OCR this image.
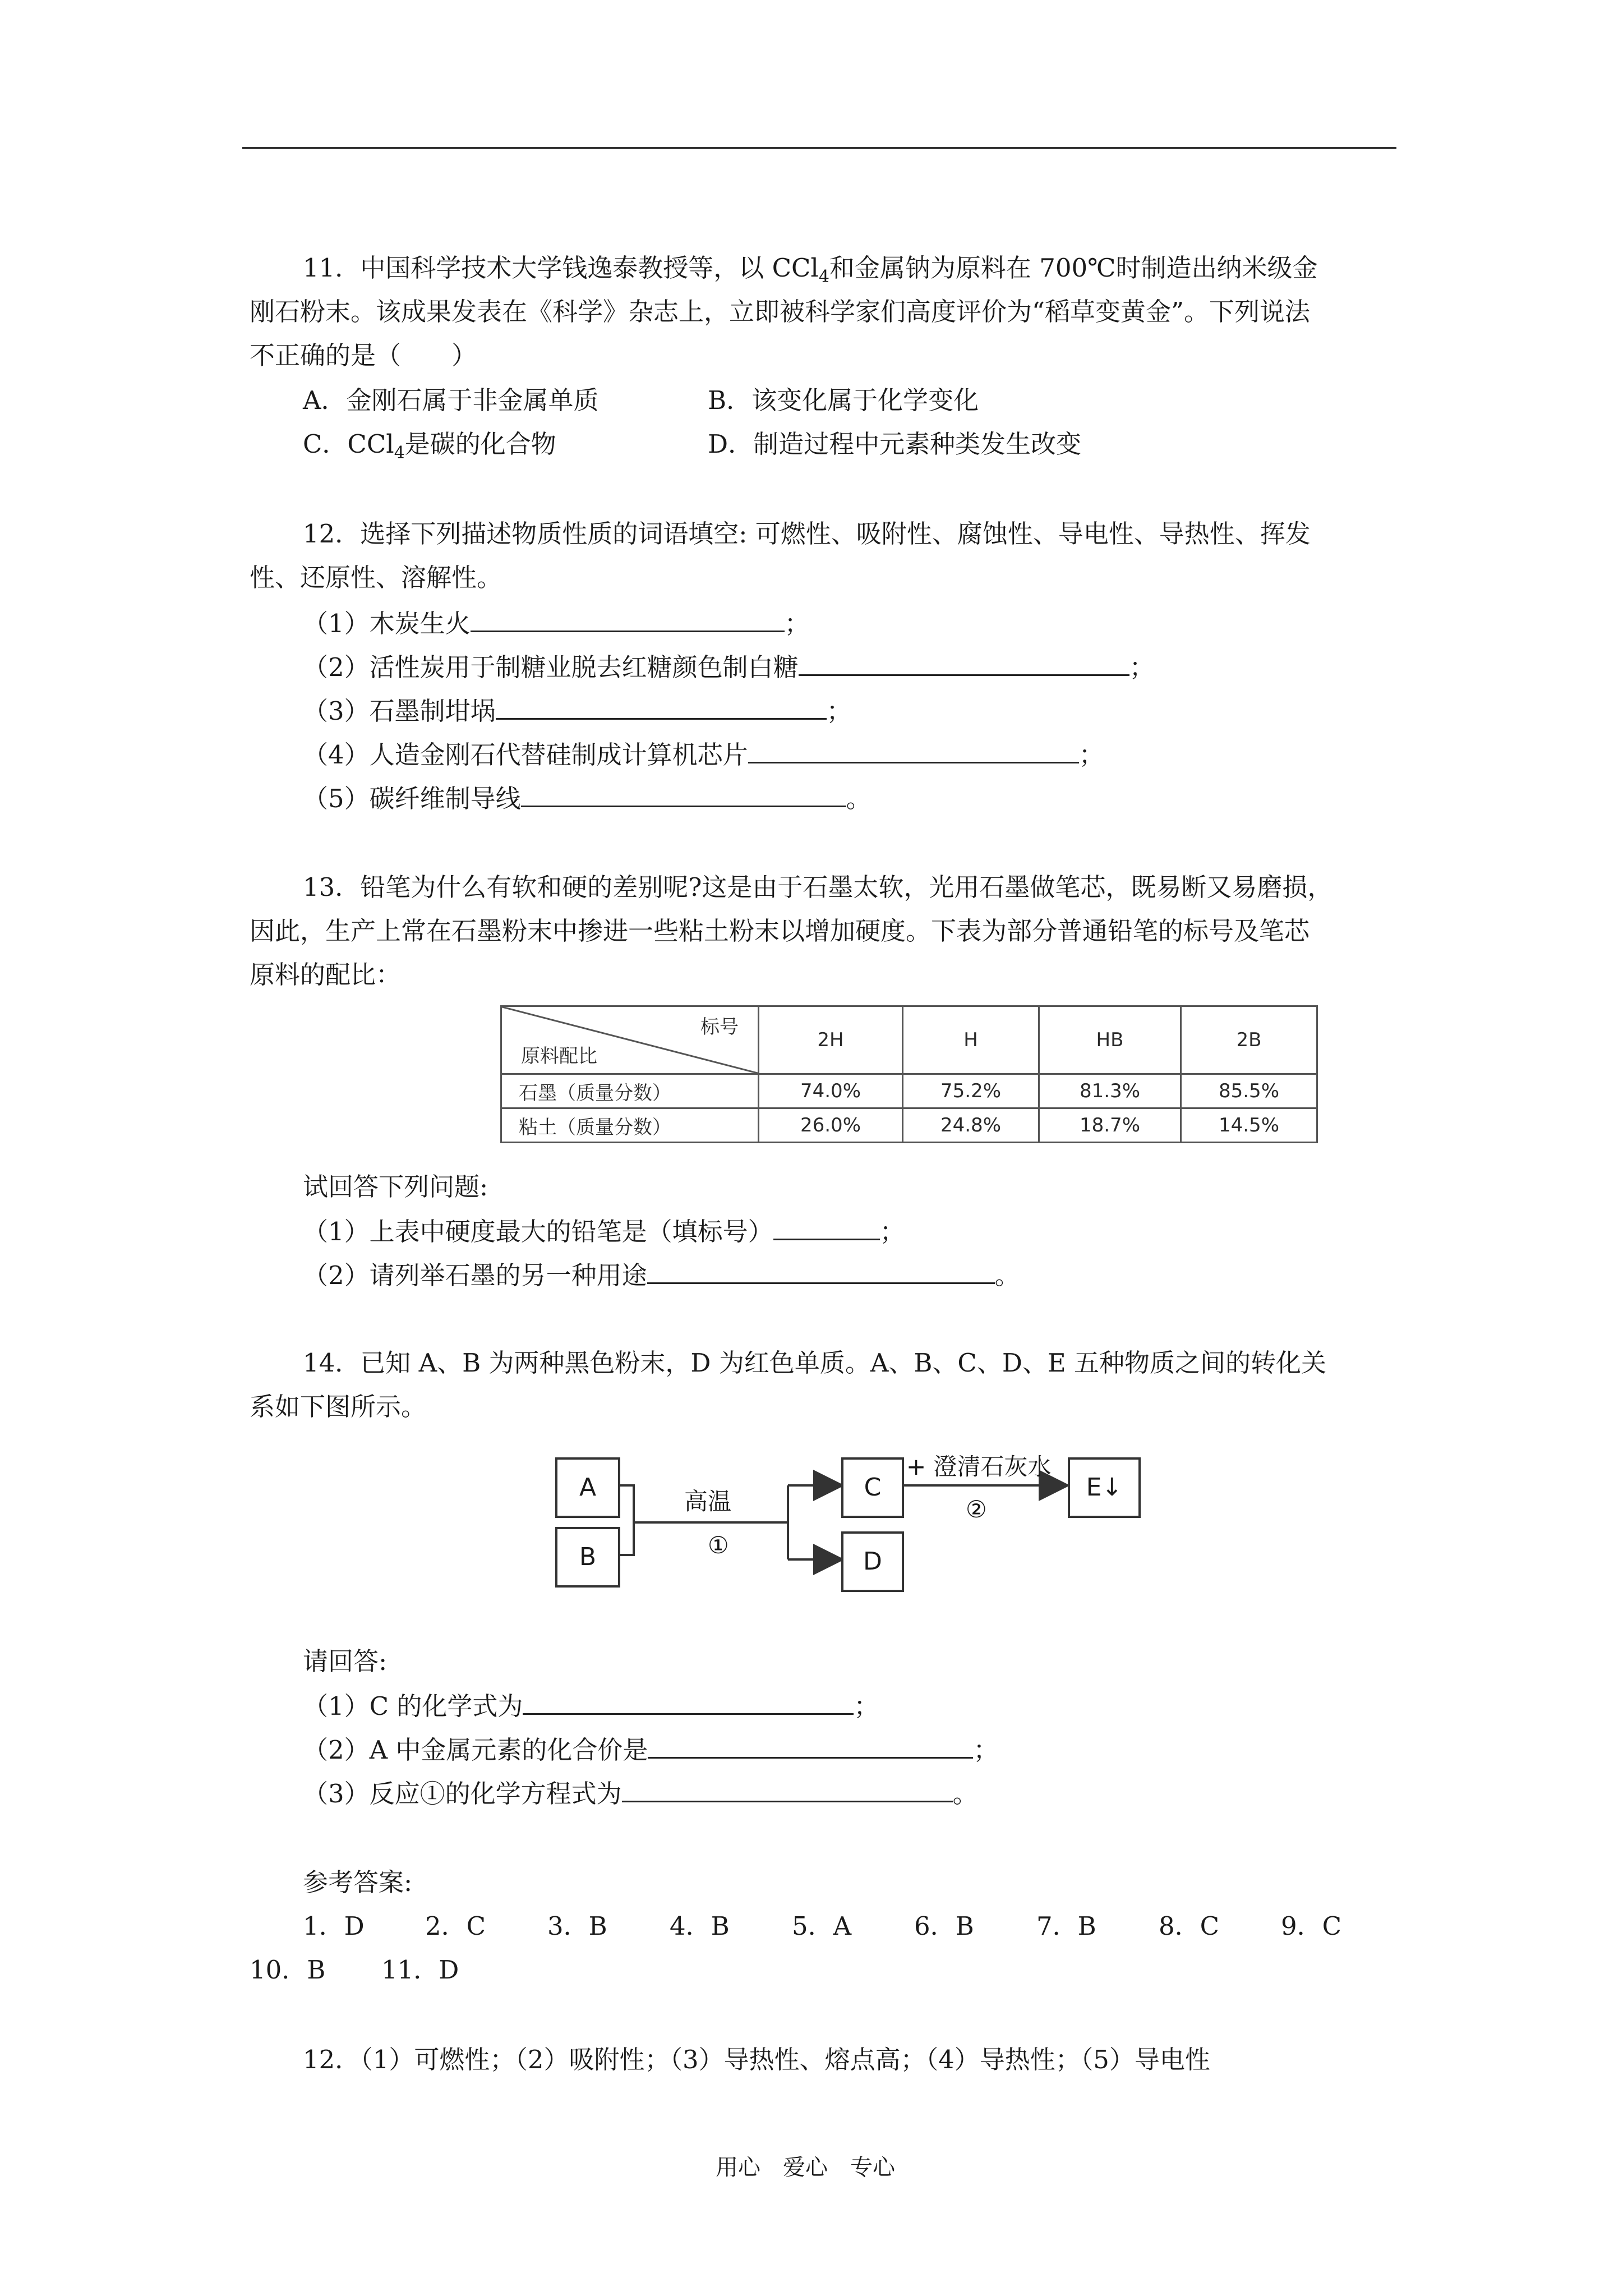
11．中国科学技术大学钱逸泰教授等，以 CCl$_4$和金属钠为原料在 700℃时制造出纳米级金
刚石粉末。该成果发表在《科学》杂志上，立即被科学家们高度评价为“稻草变黄金”。下列说法
不正确的是（　　）
A．金刚石属于非金属单质	B．该变化属于化学变化
C．CCl$_4$是碳的化合物	D．制造过程中元素种类发生改变
12．选择下列描述物质性质的词语填空: 可燃性、吸附性、腐蚀性、导电性、导热性、挥发
性、还原性、溶解性。
（1）木炭生火	；
（2）活性炭用于制糖业脱去红糖颜色制白糖	；
（3）石墨制坩埚	；
（4）人造金刚石代替硅制成计算机芯片	；
（5）碳纤维制导线	。
13．铅笔为什么有软和硬的差别呢?这是由于石墨太软，光用石墨做笔芯，既易断又易磨损，
因此，生产上常在石墨粉末中掺进一些粘土粉末以增加硬度。下表为部分普通铅笔的标号及笔芯
原料的配比：
标号
原料配比	2H	H	HB	2B
石墨（质量分数）	74.0%	75.2%	81.3%	85.5%
粘土（质量分数）	26.0%	24.8%	18.7%	14.5%
试回答下列问题:
（1）上表中硬度最大的铅笔是（填标号）	；
（2）请列举石墨的另一种用途	。
14．已知 A、B 为两种黑色粉末，D 为红色单质。A、B、C、D、E 五种物质之间的转化关
系如下图所示。
A
B
C
D
E↓
高温
①
+ 澄清石灰水
②
请回答:
（1）C 的化学式为	；
（2）A 中金属元素的化合价是	；
（3）反应①的化学方程式为	。
参考答案:
1．D 2．C 3．B 4．B 5．A 6．B 7．B 8．C 9．C
10．B 11．D
12．（1）可燃性；（2）吸附性；（3）导热性、熔点高；（4）导热性；（5）导电性
用心　爱心　专心
